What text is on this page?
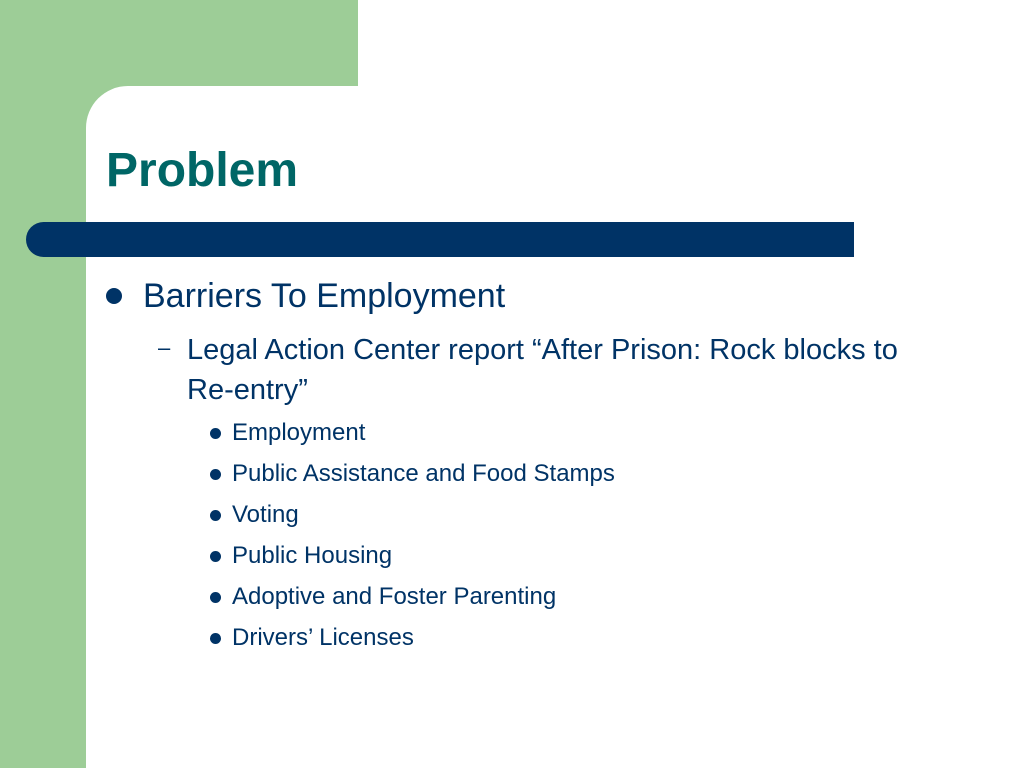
Problem

Barriers To Employment

– Legal Action Center report “After Prison: Rock blocks to Re-entry”

Employment
Public Assistance and Food Stamps
Voting
Public Housing
Adoptive and Foster Parenting
Drivers’ Licenses
